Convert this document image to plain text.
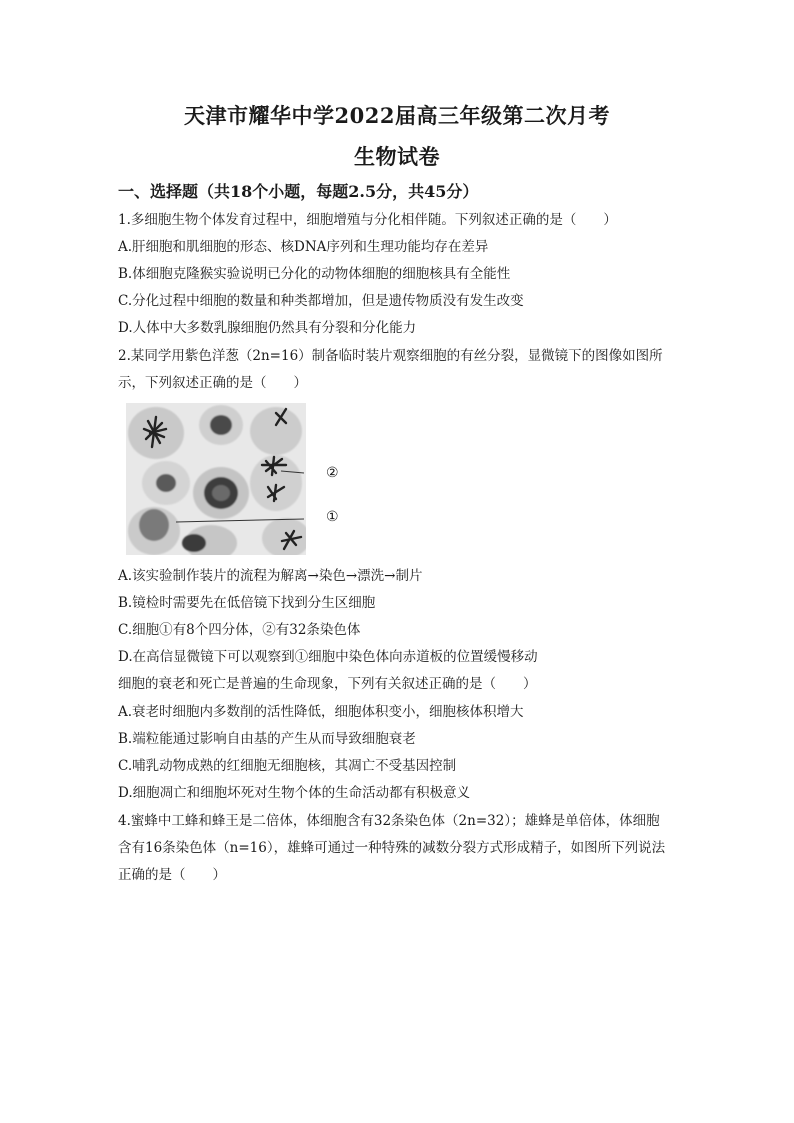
天津市耀华中学2022届高三年级第二次月考
生物试卷
一、选择题（共18个小题，每题2.5分，共45分）
1.多细胞生物个体发育过程中，细胞增殖与分化相伴随。下列叙述正确的是（　　）
A.肝细胞和肌细胞的形态、核DNA序列和生理功能均存在差异
B.体细胞克隆猴实验说明已分化的动物体细胞的细胞核具有全能性
C.分化过程中细胞的数量和种类都增加，但是遗传物质没有发生改变
D.人体中大多数乳腺细胞仍然具有分裂和分化能力
2.某同学用紫色洋葱（2n=16）制备临时装片观察细胞的有丝分裂，显微镜下的图像如图所
示，下列叙述正确的是（　　）
②
①
A.该实验制作装片的流程为解离→染色→漂洗→制片
B.镜检时需要先在低倍镜下找到分生区细胞
C.细胞①有8个四分体，②有32条染色体
D.在高信显微镜下可以观察到①细胞中染色体向赤道板的位置缓慢移动
细胞的衰老和死亡是普遍的生命现象，下列有关叙述正确的是（　　）
A.衰老时细胞内多数削的活性降低，细胞体积变小，细胞核体积增大
B.端粒能通过影响自由基的产生从而导致细胞衰老
C.哺乳动物成熟的红细胞无细胞核，其凋亡不受基因控制
D.细胞凋亡和细胞坏死对生物个体的生命活动都有积极意义
4.蜜蜂中工蜂和蜂王是二倍体，体细胞含有32条染色体（2n=32）；雄蜂是单倍体，体细胞
含有16条染色体（n=16），雄蜂可通过一种特殊的减数分裂方式形成精子，如图所下列说法
正确的是（　　）
